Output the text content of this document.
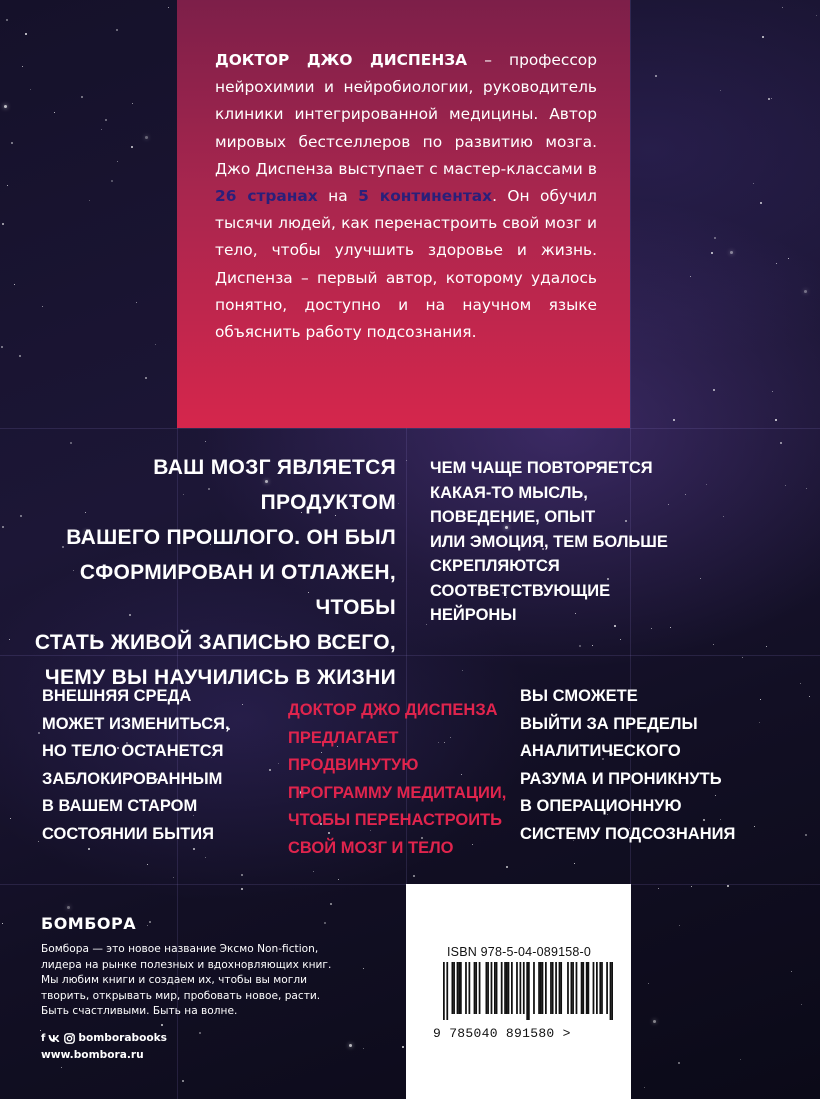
ДОКТОР ДЖО ДИСПЕНЗА – профессор нейрохимии и нейробиологии, руководитель клиники интегрированной медицины. Автор мировых бестселлеров по развитию мозга. Джо Диспенза выступает с мастер-классами в 26 странах на 5 континентах. Он обучил тысячи людей, как перенастроить свой мозг и тело, чтобы улучшить здоровье и жизнь. Диспенза – первый автор, которому удалось понятно, доступно и на научном языке объяснить работу подсознания.
ВАШ МОЗГ ЯВЛЯЕТСЯ ПРОДУКТОМ
ВАШЕГО ПРОШЛОГО. ОН БЫЛ
СФОРМИРОВАН И ОТЛАЖЕН, ЧТОБЫ
СТАТЬ ЖИВОЙ ЗАПИСЬЮ ВСЕГО,
ЧЕМУ ВЫ НАУЧИЛИСЬ В ЖИЗНИ
ЧЕМ ЧАЩЕ ПОВТОРЯЕТСЯ
КАКАЯ-ТО МЫСЛЬ,
ПОВЕДЕНИЕ, ОПЫТ
ИЛИ ЭМОЦИЯ, ТЕМ БОЛЬШЕ
СКРЕПЛЯЮТСЯ
СООТВЕТСТВУЮЩИЕ
НЕЙРОНЫ
ВНЕШНЯЯ СРЕДА
МОЖЕТ ИЗМЕНИТЬСЯ,
НО ТЕЛО ОСТАНЕТСЯ
ЗАБЛОКИРОВАННЫМ
В ВАШЕМ СТАРОМ
СОСТОЯНИИ БЫТИЯ
ДОКТОР ДЖО ДИСПЕНЗА
ПРЕДЛАГАЕТ ПРОДВИНУТУЮ
ПРОГРАММУ МЕДИТАЦИИ,
ЧТОБЫ ПЕРЕНАСТРОИТЬ
СВОЙ МОЗГ И ТЕЛО
ВЫ СМОЖЕТЕ
ВЫЙТИ ЗА ПРЕДЕЛЫ
АНАЛИТИЧЕСКОГО
РАЗУМА И ПРОНИКНУТЬ
В ОПЕРАЦИОННУЮ
СИСТЕМУ ПОДСОЗНАНИЯ
БОМБОРА
Бомбора — это новое название Эксмо Non-fiction,
лидера на рынке полезных и вдохновляющих книг.
Мы любим книги и создаем их, чтобы вы могли
творить, открывать мир, пробовать новое, расти.
Быть счастливыми. Быть на волне.
f	bomborabooks
www.bombora.ru
ISBN 978-5-04-089158-0
9 785040 891580 >
